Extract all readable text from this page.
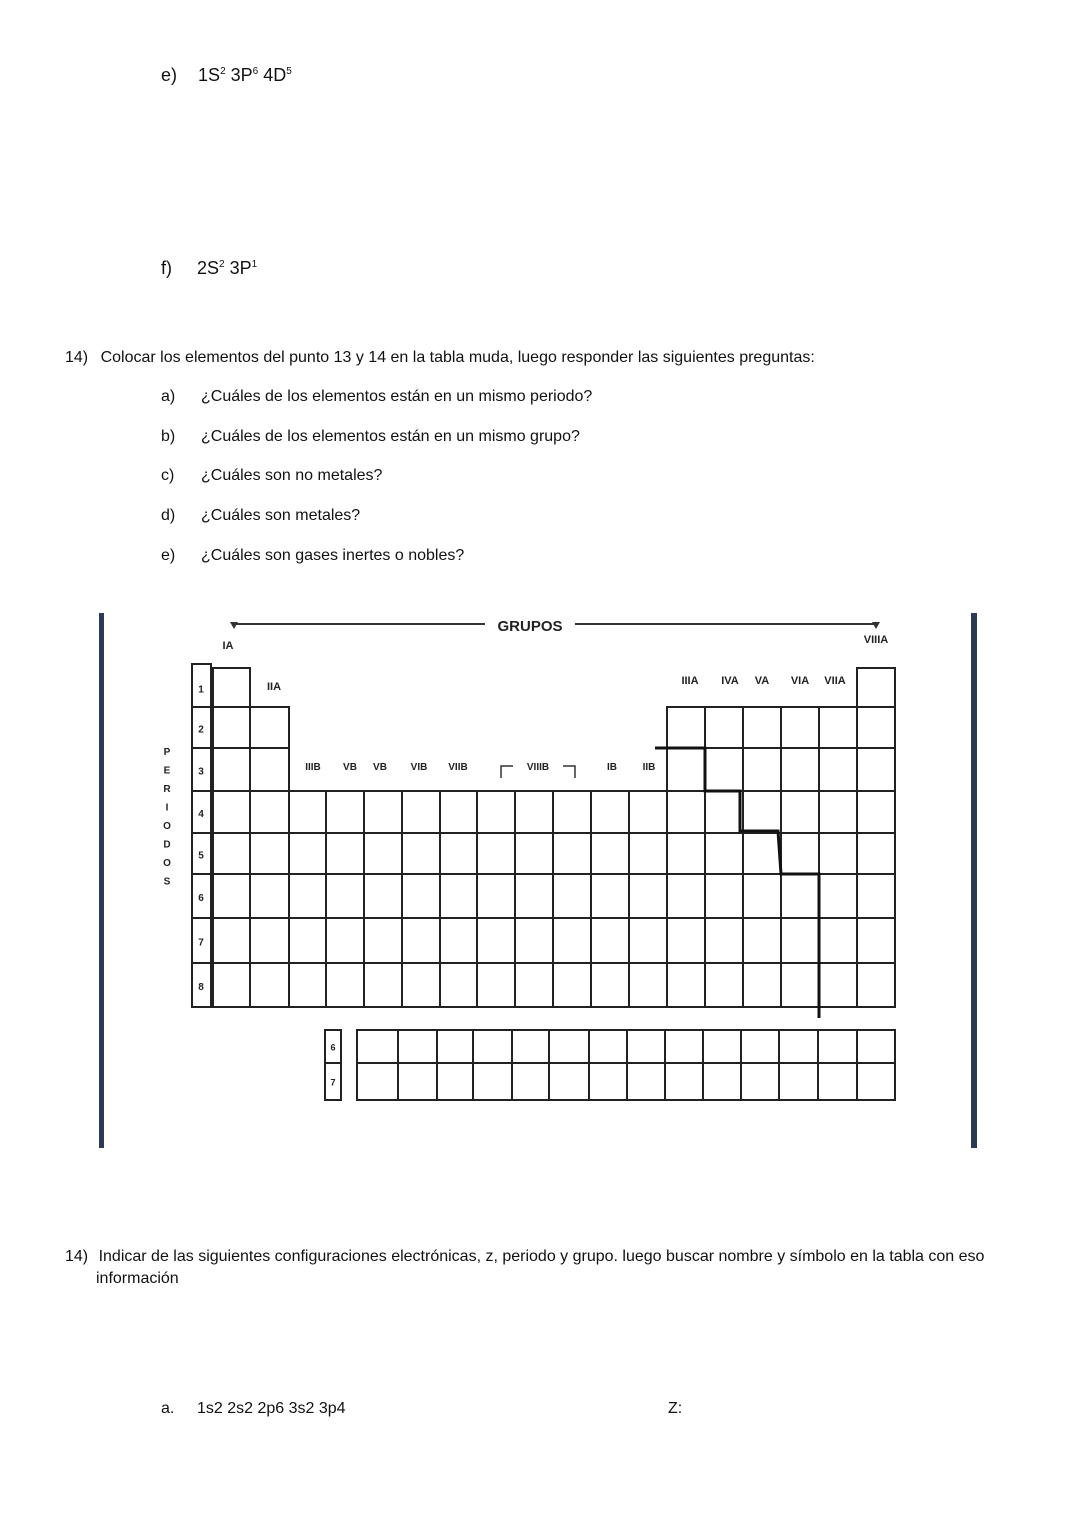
e) $1S^2$ $3P^6$ $4D^5$
f) $2S^2$ $3P^1$
14) Colocar los elementos del punto 13 y 14 en la tabla muda, luego responder las siguientes preguntas:
a) ¿Cuáles de los elementos están en un mismo periodo?
b) ¿Cuáles de los elementos están en un mismo grupo?
c) ¿Cuáles son no metales?
d) ¿Cuáles son metales?
e) ¿Cuáles son gases inertes o nobles?
1
2
3
4
5
6
7
8
GRUPOS
IA
IIA
VIIIA
IIIA IVA VA VIA VIIA
IIIB VB VB VIB VIIB	VIIIB	IB	IIB
P
E
R
I
O
D
O
S
6
7
14) Indicar de las siguientes configuraciones electrónicas, z, periodo y grupo. luego buscar nombre y símbolo en la tabla con eso
información
a. 1s2 2s2 2p6 3s2 3p4	Z:
